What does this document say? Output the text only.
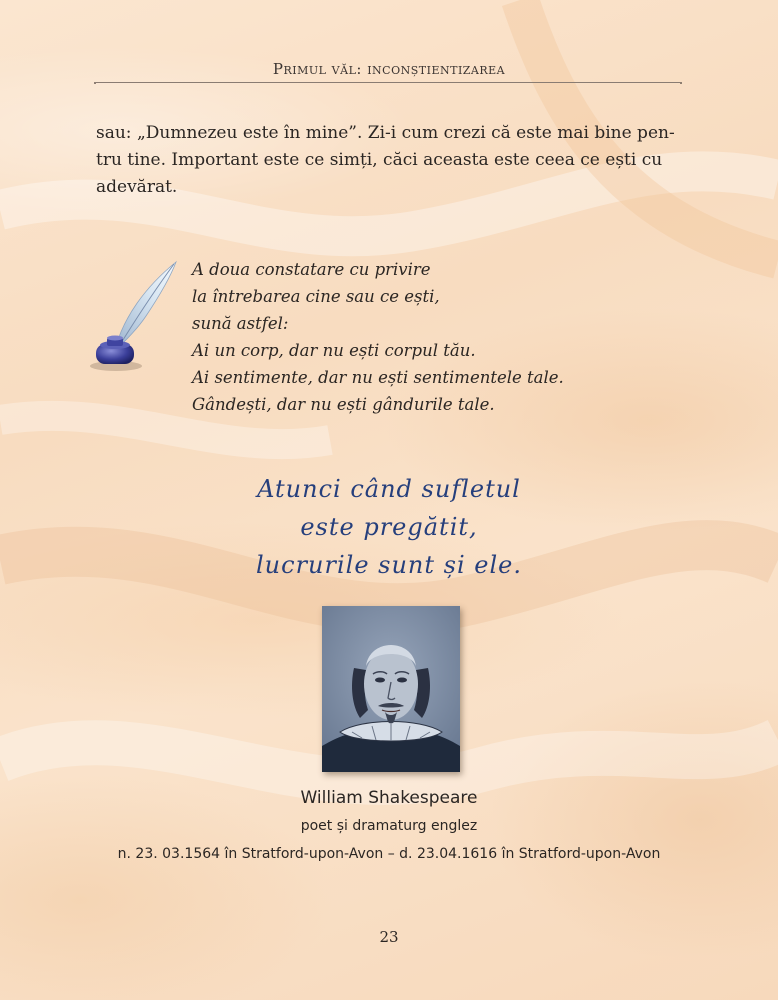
Primul văl: inconștientizarea
sau: „Dumnezeu este în mine”. Zi-i cum crezi că este mai bine pen-
tru tine. Important este ce simți, căci aceasta este ceea ce ești cu
adevărat.
A doua constatare cu privire
la întrebarea cine sau ce ești,
sună astfel:
Ai un corp, dar nu ești corpul tău.
Ai sentimente, dar nu ești sentimentele tale.
Gândești, dar nu ești gândurile tale.
Atunci când sufletul
este pregătit,
lucrurile sunt și ele.
William Shakespeare
poet și dramaturg englez
n. 23. 03.1564 în Stratford-upon-Avon – d. 23.04.1616 în Stratford-upon-Avon
23
